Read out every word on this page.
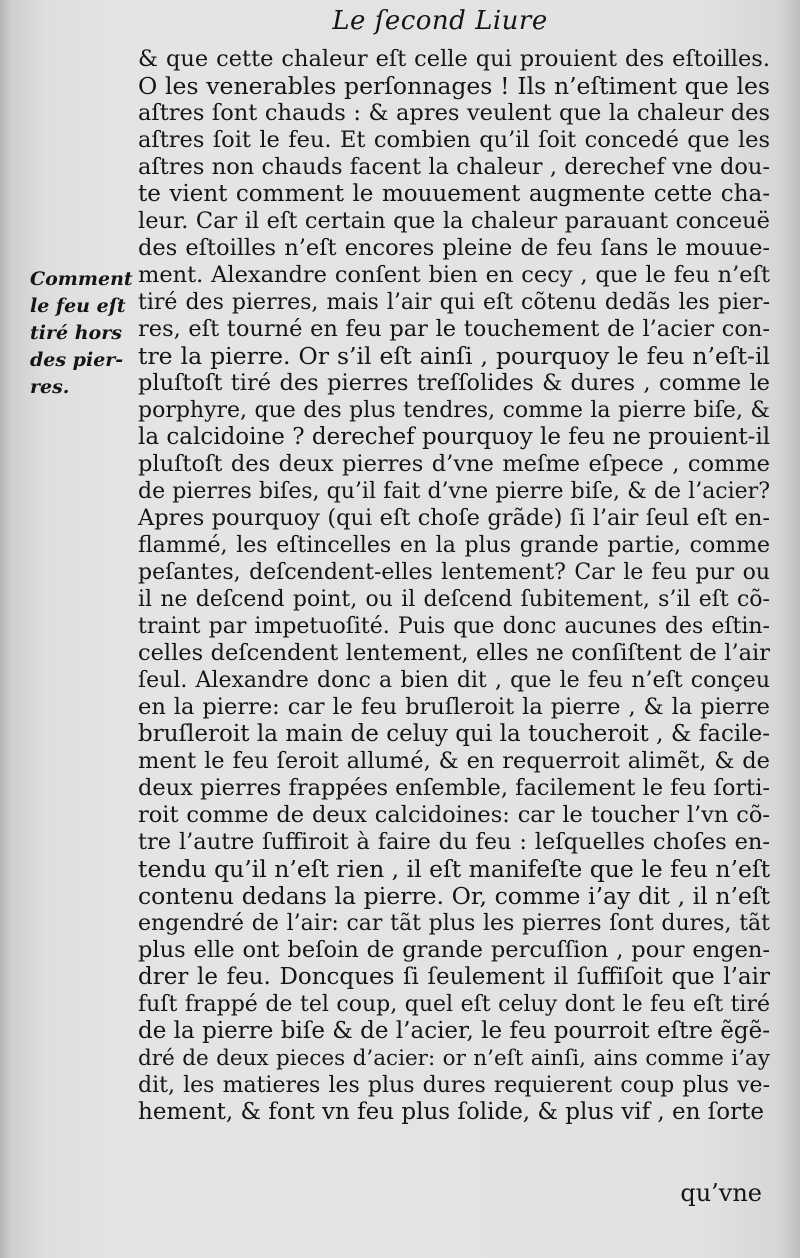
Le ſecond Liure
Comment
le feu eſt
tiré hors
des pier-
res.
& que cette chaleur eſt celle qui prouient des eſtoilles.
O les venerables perſonnages ! Ils n’eſtiment que les
aſtres ſont chauds : & apres veulent que la chaleur des
aſtres ſoit le feu. Et combien qu’il ſoit concedé que les
aſtres non chauds facent la chaleur , derechef vne dou-
te vient comment le mouuement augmente cette cha-
leur. Car il eſt certain que la chaleur parauant conceuë
des eſtoilles n’eſt encores pleine de feu ſans le mouue-
ment. Alexandre conſent bien en cecy , que le feu n’eſt
tiré des pierres, mais l’air qui eſt cõtenu dedãs les pier-
res, eſt tourné en feu par le touchement de l’acier con-
tre la pierre. Or s’il eſt ainſi , pourquoy le feu n’eſt-il
pluſtoſt tiré des pierres treſſolides & dures , comme le
porphyre, que des plus tendres, comme la pierre biſe, &
la calcidoine ? derechef pourquoy le feu ne prouient-il
pluſtoſt des deux pierres d’vne meſme eſpece , comme
de pierres biſes, qu’il fait d’vne pierre biſe, & de l’acier?
Apres pourquoy (qui eſt choſe grãde) ſi l’air ſeul eſt en-
flammé, les eſtincelles en la plus grande partie, comme
peſantes, deſcendent-elles lentement? Car le feu pur ou
il ne deſcend point, ou il deſcend ſubitement, s’il eſt cõ-
traint par impetuoſité. Puis que donc aucunes des eſtin-
celles deſcendent lentement, elles ne conſiſtent de l’air
ſeul. Alexandre donc a bien dit , que le feu n’eſt conçeu
en la pierre: car le feu bruſleroit la pierre , & la pierre
bruſleroit la main de celuy qui la toucheroit , & facile-
ment le feu ſeroit allumé, & en requerroit alimẽt, & de
deux pierres frappées enſemble, facilement le feu ſorti-
roit comme de deux calcidoines: car le toucher l’vn cõ-
tre l’autre ſuffiroit à faire du feu : leſquelles choſes en-
tendu qu’il n’eſt rien , il eſt manifeſte que le feu n’eſt
contenu dedans la pierre. Or, comme i’ay dit , il n’eſt
engendré de l’air: car tãt plus les pierres ſont dures, tãt
plus elle ont beſoin de grande percuſſion , pour engen-
drer le feu. Doncques ſi ſeulement il ſuffiſoit que l’air
fuſt frappé de tel coup, quel eſt celuy dont le feu eſt tiré
de la pierre biſe & de l’acier, le feu pourroit eſtre ẽgẽ-
dré de deux pieces d’acier: or n’eſt ainſi, ains comme i’ay
dit, les matieres les plus dures requierent coup plus ve-
hement, & font vn feu plus ſolide, & plus vif , en ſorte
qu’vne
